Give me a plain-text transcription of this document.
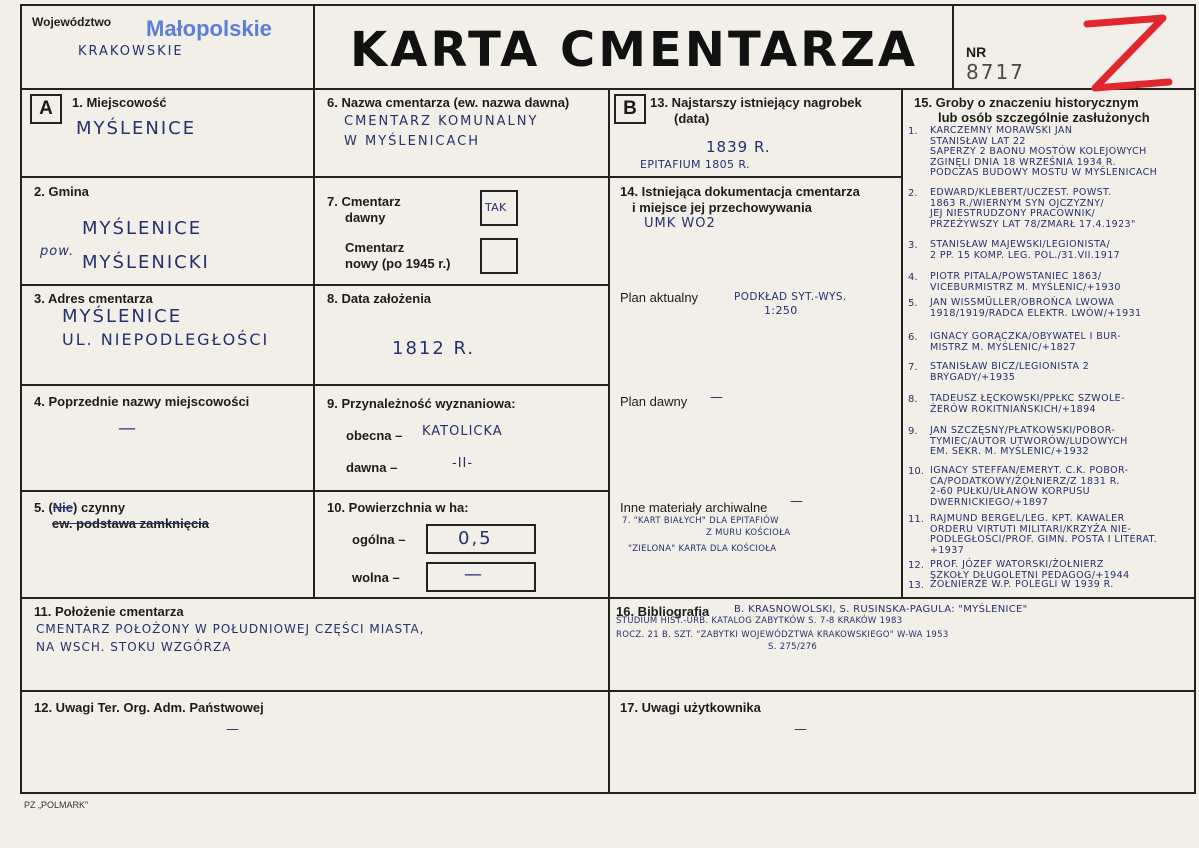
Województwo Małopolskie
KRAKOWSKIE	KARTA CMENTARZA	NR
8717
A	1. Miejscowość
MYŚLENICE
2. Gmina
MYŚLENICE
pow.
MYŚLENICKI
3. Adres cmentarza
MYŚLENICE
UL. NIEPODLEGŁOŚCI
4. Poprzednie nazwy miejscowości
—
5. (Nie) czynny
ew. podstawa zamknięcia
6. Nazwa cmentarza (ew. nazwa dawna)
CMENTARZ KOMUNALNY
W MYŚLENICACH
7. Cmentarz
dawny
TAK
Cmentarz
nowy (po 1945 r.)
8. Data założenia
1812 R.
9. Przynależność wyznaniowa:
obecna – KATOLICKA
dawna –	-II-
10. Powierzchnia w ha:
ogólna –	0,5
wolna –	—
B	13. Najstarszy istniejący nagrobek
(data)
1839 R.
EPITAFIUM 1805 R.
14. Istniejąca dokumentacja cmentarza
i miejsce jej przechowywania
UMK WO2
Plan aktualny	PODKŁAD SYT.-WYS.
1:250
Plan dawny —
Inne materiały archiwalne —
7. "KART BIAŁYCH" DLA EPITAFIÓW
Z MURU KOŚCIOŁA
"ZIELONA" KARTA DLA KOŚCIOŁA
15. Groby o znaczeniu historycznym
lub osób szczególnie zasłużonych
1. KARCZEMNY MORAWSKI JAN
STANISŁAW LAT 22
SAPERZY 2 BAONU MOSTÓW KOLEJOWYCH
ZGINĘLI DNIA 18 WRZEŚNIA 1934 R.
PODCZAS BUDOWY MOSTU W MYŚLENICACH
2. EDWARD/KLEBERT/UCZEST. POWST.
1863 R./WIERNYM SYN OJCZYZNY/
JEJ NIESTRUDZONY PRACOWNIK/
PRZEŻYWSZY LAT 78/ZMARŁ 17.4.1923"
3. STANISŁAW MAJEWSKI/LEGIONISTA/
2 PP. 15 KOMP. LEG. POL./31.VII.1917
4. PIOTR PITALA/POWSTANIEC 1863/
VICEBURMISTRZ M. MYŚLENIC/+1930
5. JAN WISSMÜLLER/OBROŃCA LWOWA
1918/1919/RADCA ELEKTR. LWÓW/+1931
6. IGNACY GORĄCZKA/OBYWATEL I BUR-
MISTRZ M. MYŚLENIC/+1827
7. STANISŁAW BICZ/LEGIONISTA 2
BRYGADY/+1935
8. TADEUSZ ŁĘCKOWSKI/PPŁKC SZWOLE-
ŻERÓW ROKITNIAŃSKICH/+1894
9. JAN SZCZĘSNY/PŁATKOWSKI/POBOR-
TYMIEC/AUTOR UTWORÓW/LUDOWYCH
EM. SEKR. M. MYŚLENIC/+1932
10. IGNACY STEFFAN/EMERYT. C.K. POBOR-
CA/PODATKOWY/ŻOŁNIERZ/Z 1831 R.
2-60 PUŁKU/UŁANÓW KORPUSU
DWERNICKIEGO/+1897
11. RAJMUND BERGEL/LEG. KPT. KAWALER
ORDERU VIRTUTI MILITARI/KRZYŻA NIE-
PODLEGŁOŚCI/PROF. GIMN. POSTA I LITERAT.
+1937
12. PROF. JÓZEF WATORSKI/ŻOŁNIERZ
SZKOŁY DŁUGOLETNI PEDAGOG/+1944
13. ŻOŁNIERZE W.P. POLEGLI W 1939 R.
11. Położenie cmentarza
CMENTARZ POŁOŻONY W POŁUDNIOWEJ CZĘŚCI MIASTA,
NA WSCH. STOKU WZGÓRZA
16. Bibliografia B. KRASNOWOLSKI, S. RUSINSKA-PAGULA: "MYŚLENICE"
STUDIUM HIST.-URB. KATALOG ZABYTKÓW S. 7-8 KRAKÓW 1983
ROCZ. 21 B. SZT. "ZABYTKI WOJEWÓDZTWA KRAKOWSKIEGO" W-WA 1953
S. 275/276
12. Uwagi Ter. Org. Adm. Państwowej
—
17. Uwagi użytkownika
—
PZ „POLMARK”
